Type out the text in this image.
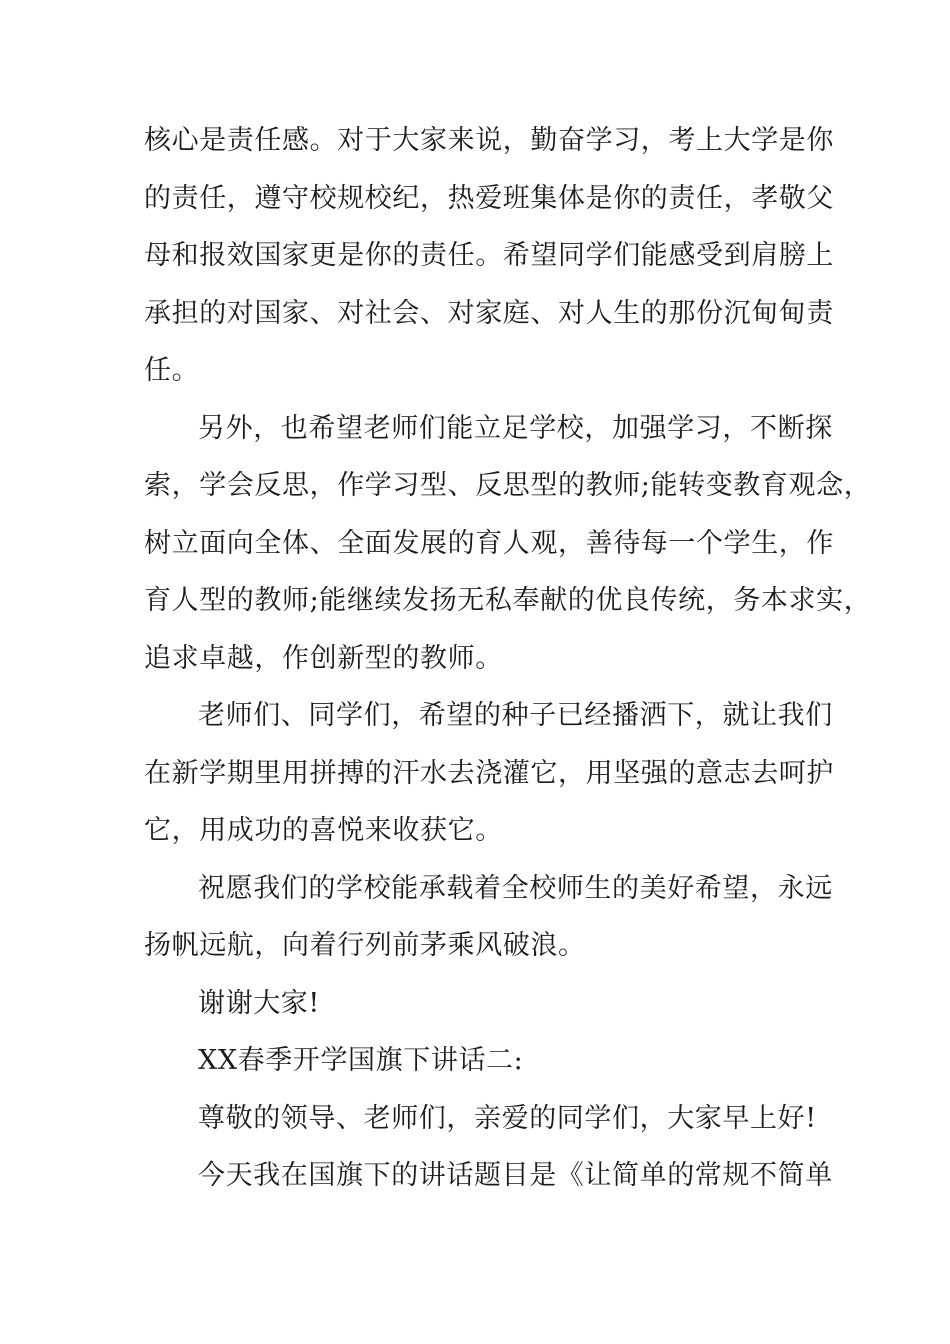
核心是责任感。对于大家来说，勤奋学习，考上大学是你
的责任，遵守校规校纪，热爱班集体是你的责任，孝敬父
母和报效国家更是你的责任。希望同学们能感受到肩膀上
承担的对国家、对社会、对家庭、对人生的那份沉甸甸责
任。
另外，也希望老师们能立足学校，加强学习，不断探
索，学会反思，作学习型、反思型的教师;能转变教育观念，
树立面向全体、全面发展的育人观，善待每一个学生，作
育人型的教师;能继续发扬无私奉献的优良传统，务本求实，
追求卓越，作创新型的教师。
老师们、同学们，希望的种子已经播洒下，就让我们
在新学期里用拼搏的汗水去浇灌它，用坚强的意志去呵护
它，用成功的喜悦来收获它。
祝愿我们的学校能承载着全校师生的美好希望，永远
扬帆远航，向着行列前茅乘风破浪。
谢谢大家!
XX春季开学国旗下讲话二:
尊敬的领导、老师们，亲爱的同学们，大家早上好!
今天我在国旗下的讲话题目是《让简单的常规不简单
